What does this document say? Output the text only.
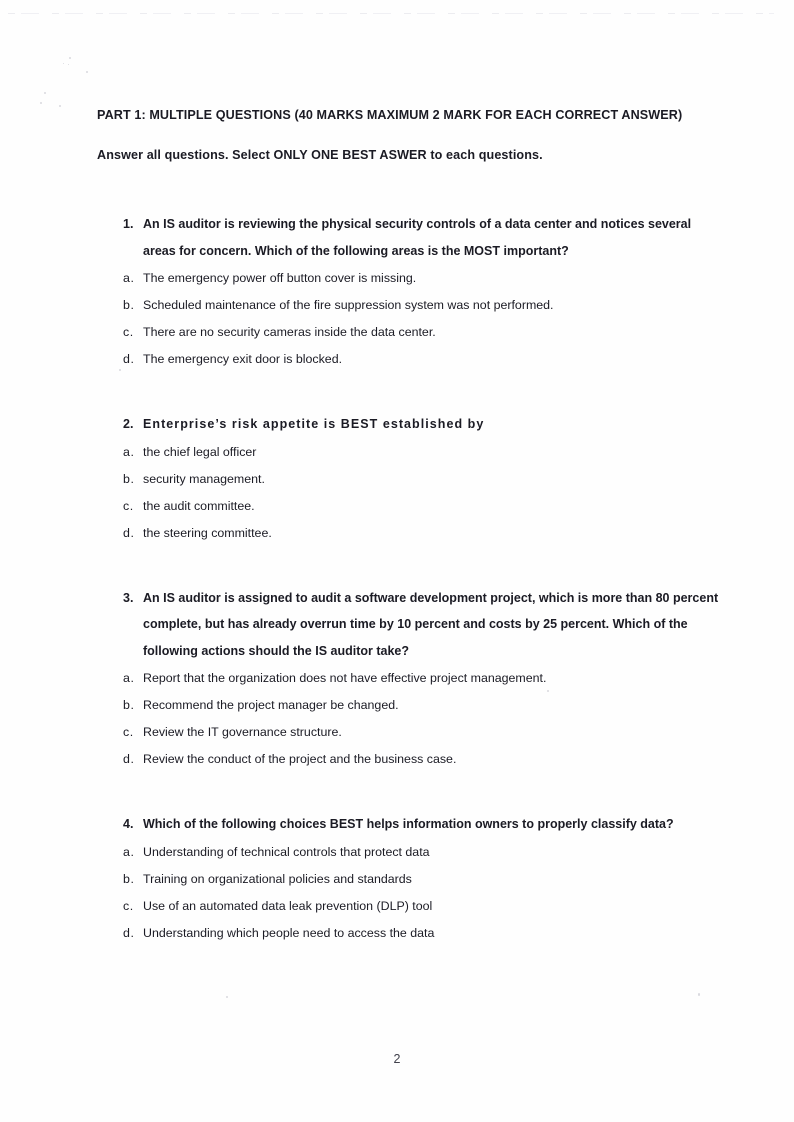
PART 1: MULTIPLE QUESTIONS (40 MARKS MAXIMUM 2 MARK FOR EACH CORRECT ANSWER)

Answer all questions. Select ONLY ONE BEST ASWER to each questions.

1. An IS auditor is reviewing the physical security controls of a data center and notices several areas for concern. Which of the following areas is the MOST important?
a. The emergency power off button cover is missing.
b. Scheduled maintenance of the fire suppression system was not performed.
c. There are no security cameras inside the data center.
d. The emergency exit door is blocked.
2. Enterprise’s risk appetite is BEST established by
a. the chief legal officer
b. security management.
c. the audit committee.
d. the steering committee.
3. An IS auditor is assigned to audit a software development project, which is more than 80 percent complete, but has already overrun time by 10 percent and costs by 25 percent. Which of the following actions should the IS auditor take?
a. Report that the organization does not have effective project management.
b. Recommend the project manager be changed.
c. Review the IT governance structure.
d. Review the conduct of the project and the business case.
4. Which of the following choices BEST helps information owners to properly classify data?
a. Understanding of technical controls that protect data
b. Training on organizational policies and standards
c. Use of an automated data leak prevention (DLP) tool
d. Understanding which people need to access the data
2
